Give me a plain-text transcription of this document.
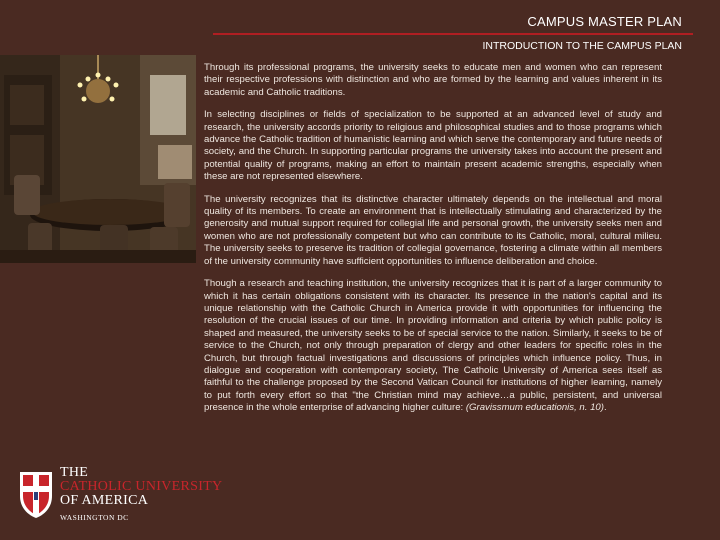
CAMPUS MASTER PLAN
INTRODUCTION TO THE CAMPUS PLAN

Through its professional programs, the university seeks to educate men and women who can represent their respective professions with distinction and who are formed by the learning and values inherent in its academic and Catholic traditions.

In selecting disciplines or fields of specialization to be supported at an advanced level of study and research, the university accords priority to religious and philosophical studies and to those programs which advance the Catholic tradition of humanistic learning and which serve the contemporary and future needs of society, and the Church. In supporting particular programs the university takes into account the present and potential quality of programs, making an effort to maintain present academic strengths, especially when these are not represented elsewhere.

The university recognizes that its distinctive character ultimately depends on the intellectual and moral quality of its members. To create an environment that is intellectually stimulating and characterized by the generosity and mutual support required for collegial life and personal growth, the university seeks men and women who are not professionally competent but who can contribute to its Catholic, moral, cultural milieu. The university seeks to preserve its tradition of collegial governance, fostering a climate within all members of the university community have sufficient opportunities to influence deliberation and choice.

Though a research and teaching institution, the university recognizes that it is part of a larger community to which it has certain obligations consistent with its character. Its presence in the nation's capital and its unique relationship with the Catholic Church in America provide it with opportunities for influencing the resolution of the crucial issues of our time. In providing information and criteria by which public policy is shaped and measured, the university seeks to be of special service to the nation. Similarly, it seeks to be of service to the Church, not only through preparation of clergy and other leaders for specific roles in the Church, but through factual investigations and discussions of principles which influence policy. Thus, in dialogue and cooperation with contemporary society, The Catholic University of America sees itself as faithful to the challenge proposed by the Second Vatican Council for institutions of higher learning, namely to put forth every effort so that "the Christian mind may achieve…a public, persistent, and universal presence in the whole enterprise of advancing higher culture: (Gravissmum educationis, n. 10).

THE
CATHOLIC UNIVERSITY
OF AMERICA
WASHINGTON DC
